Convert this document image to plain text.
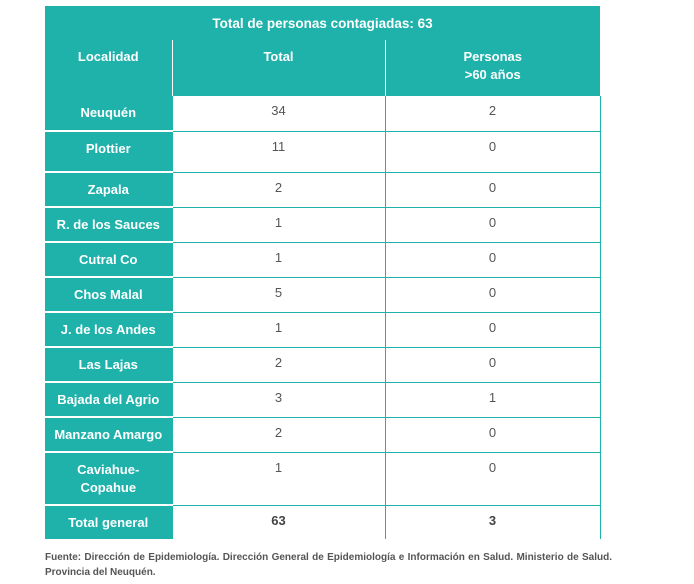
Total de personas contagiadas: 63		
Localidad	Total	Personas
>60 años
Neuquén	34	2
Plottier	11	0
Zapala	2	0
R. de los Sauces	1	0
Cutral Co	1	0
Chos Malal	5	0
J. de los Andes	1	0
Las Lajas	2	0
Bajada del Agrio	3	1
Manzano Amargo	2	0
Caviahue-
Copahue	1	0
Total general	63	3
Fuente: Dirección de Epidemiología. Dirección General de Epidemiología e Información en Salud. Ministerio de Salud. Provincia del Neuquén.
